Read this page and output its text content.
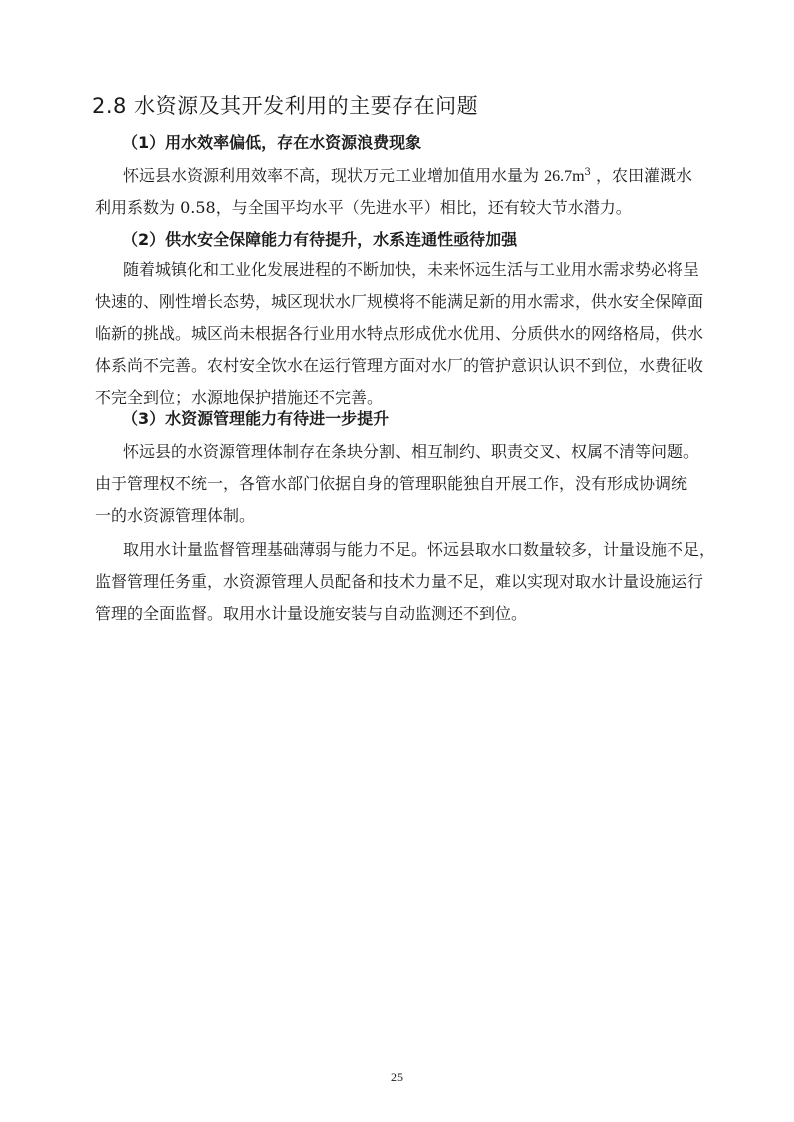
2.8 水资源及其开发利用的主要存在问题
（1）用水效率偏低，存在水资源浪费现象
怀远县水资源利用效率不高，现状万元工业增加值用水量为 $26.7m^3$ ，农田灌溉水
利用系数为 0.58，与全国平均水平（先进水平）相比，还有较大节水潜力。
（2）供水安全保障能力有待提升，水系连通性亟待加强
随着城镇化和工业化发展进程的不断加快，未来怀远生活与工业用水需求势必将呈
快速的、刚性增长态势，城区现状水厂规模将不能满足新的用水需求，供水安全保障面
临新的挑战。城区尚未根据各行业用水特点形成优水优用、分质供水的网络格局，供水
体系尚不完善。农村安全饮水在运行管理方面对水厂的管护意识认识不到位，水费征收
不完全到位；水源地保护措施还不完善。
（3）水资源管理能力有待进一步提升
怀远县的水资源管理体制存在条块分割、相互制约、职责交叉、权属不清等问题。
由于管理权不统一，各管水部门依据自身的管理职能独自开展工作，没有形成协调统
一的水资源管理体制。
取用水计量监督管理基础薄弱与能力不足。怀远县取水口数量较多，计量设施不足，
监督管理任务重，水资源管理人员配备和技术力量不足，难以实现对取水计量设施运行
管理的全面监督。取用水计量设施安装与自动监测还不到位。
25
